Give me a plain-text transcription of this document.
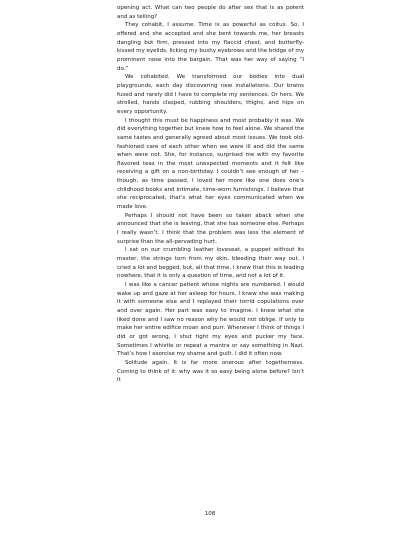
opening act. What can two people do after sex that is as potent and as telling?

They cohabit, I assume. Time is as powerful as coitus. So, I offered and she accepted and she bent towards me, her breasts dangling but firm, pressed into my flaccid chest, and butterfly-kissed my eyelids, licking my bushy eyebrows and the bridge of my prominent nose into the bargain. That was her way of saying “I do.”

We cohabited. We transformed our bodies into dual playgrounds, each day discovering new installations. Our brains fused and rarely did I have to complete my sentences. Or hers. We strolled, hands clasped, rubbing shoulders, thighs, and hips on every opportunity.

I thought this must be happiness and most probably it was. We did everything together but knew how to feel alone. We shared the same tastes and generally agreed about most issues. We took old-fashioned care of each other when we were ill and did the same when were not. She, for instance, surprised me with my favorite flavored teas in the most unexpected moments and it felt like receiving a gift on a non-birthday. I couldn’t see enough of her – though, as time passed, I loved her more like one does one’s childhood books and intimate, time-worn furnishings. I believe that she reciprocated, that’s what her eyes communicated when we made love.

Perhaps I should not have been so taken aback when she announced that she is leaving, that she has someone else. Perhaps I really wasn’t. I think that the problem was less the element of surprise than the all-pervading hurt.

I sat on our crumbling leather loveseat, a puppet without its master, the strings torn from my skin, bleeding their way out. I cried a lot and begged, but, all that time, I knew that this is leading nowhere, that it is only a question of time, and not a lot of it.

I was like a cancer patient whose nights are numbered. I would wake up and gaze at her asleep for hours. I knew she was making it with someone else and I replayed their torrid copulations over and over again. Her part was easy to imagine. I knew what she liked done and I saw no reason why he would not oblige, if only to make her entire edifice moan and purr. Whenever I think of things I did or got wrong, I shut tight my eyes and pucker my face. Sometimes I whistle or repeat a mantra or say something in Nazi. That’s how I exorcise my shame and guilt. I did it often now.

Solitude again. It is far more onerous after togetherness. Coming to think of it: why was it so easy being alone before? Isn’t it

108
